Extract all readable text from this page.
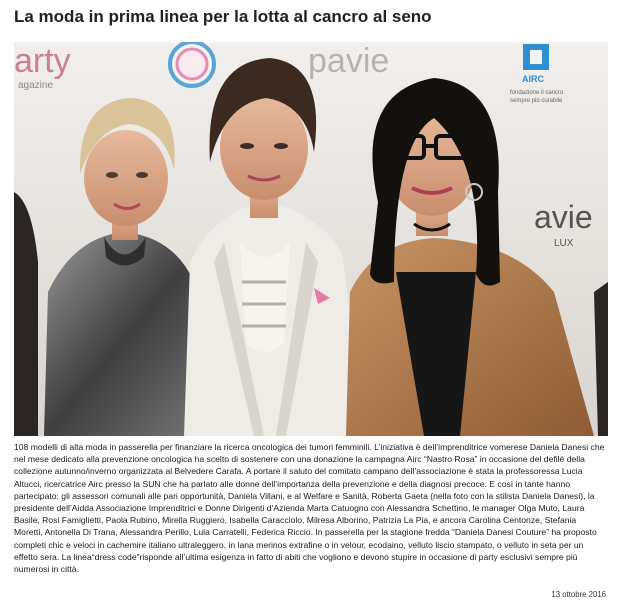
La moda in prima linea per la lotta al cancro al seno
arty
agazine
pavie	AIRC
fondazione il cancro
sempre più curabile
avie
LUX
108 modelli di alta moda in passerella per finanziare la ricerca oncologica dei tumori femminili. L’iniziativa è dell’imprenditrice vomerese Daniela Danesi che nel mese dedicato alla prevenzione oncologica ha scelto di sostenere con una donazione la campagna Airc “Nastro Rosa” in occasione del defilé della collezione autunno/inverno organizzata al Belvedere Carafa. A portare il saluto del comitato campano dell’associazione è stata la professoressa Lucia Altucci, ricercatrice Airc presso la SUN che ha parlato alle donne dell’importanza della prevenzione e della diagnosi precoce. E così in tante hanno partecipato: gli assessori comunali alle pari opportunità, Daniela Villani, e al Welfare e Sanità, Roberta Gaeta (nella foto con la stilista Daniela Danesi), la presidente dell’Aidda Associazione Imprenditrici e Donne Dirigenti d’Azienda Marta Catuogno con Alessandra Schettino, le manager Olga Muto, Laura Basile, Rosi Famiglietti, Paola Rubino, Mirella Ruggiero, Isabella Caracciolo, Milresa Alborino, Patrizia La Pia, e ancora Carolina Centonze, Stefania Moretti, Antonella Di Trana, Alessandra Perillo, Lula Carratelli, Federica Riccio. In passerella per la stagione fredda “Daniela Danesi Couture” ha proposto completi chic e veloci in cachemire italiano ultraleggero, in lana merinos extrafine o in velour, ecodaino, velluto liscio stampato, o velluto in seta per un effetto sera. La linea“dress code”risponde all’ultima esigenza in fatto di abiti che vogliono e devono stupire in occasione di party esclusivi sempre più numerosi in città.
13 ottobre 2016
